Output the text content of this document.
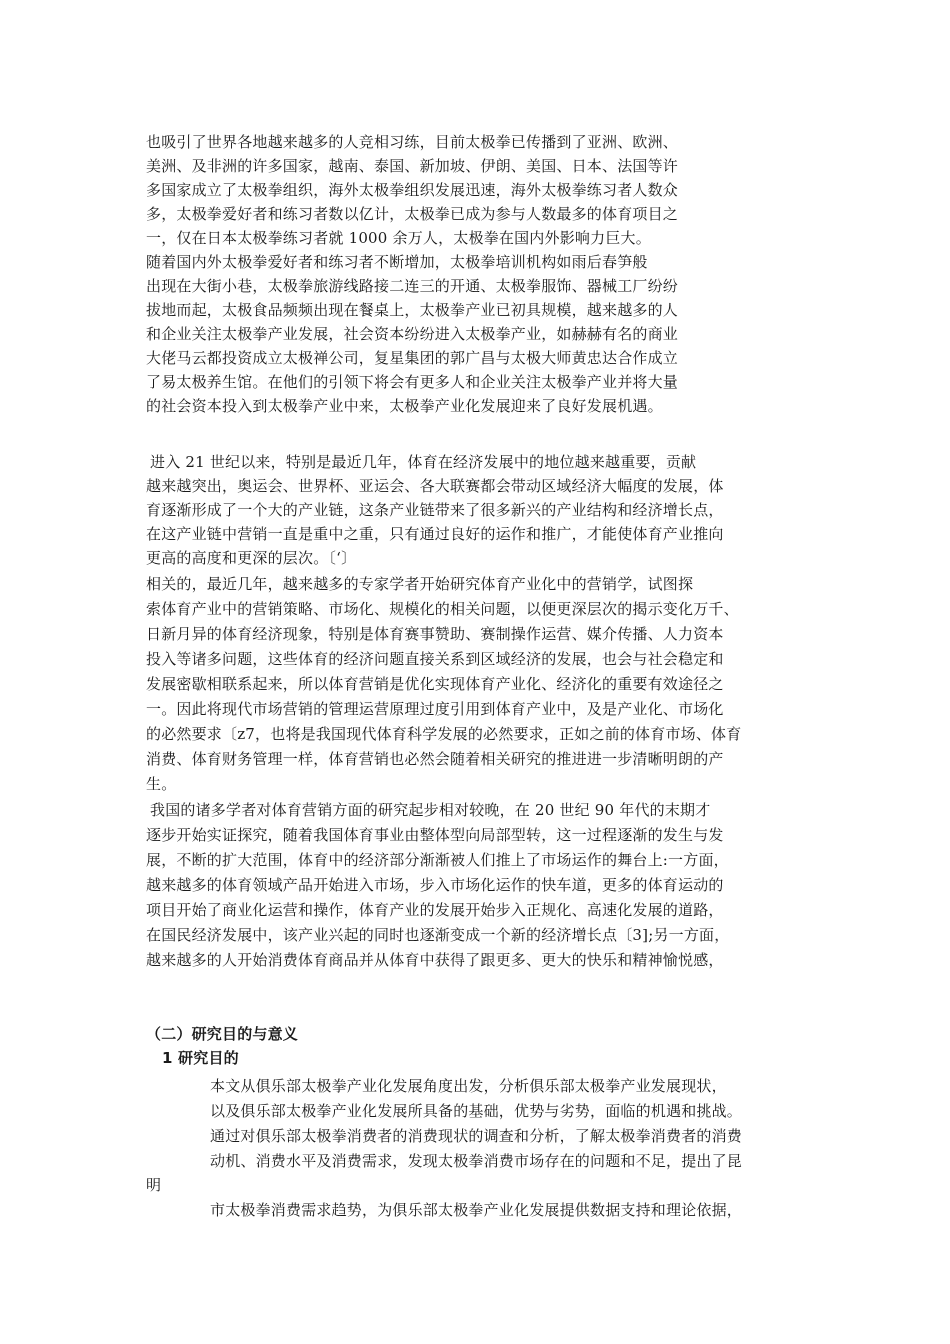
也吸引了世界各地越来越多的人竞相习练，目前太极拳已传播到了亚洲、欧洲、
美洲、及非洲的许多国家，越南、泰国、新加坡、伊朗、美国、日本、法国等许
多国家成立了太极拳组织，海外太极拳组织发展迅速，海外太极拳练习者人数众
多，太极拳爱好者和练习者数以亿计，太极拳已成为参与人数最多的体育项目之
一，仅在日本太极拳练习者就 1000 余万人，太极拳在国内外影响力巨大。
随着国内外太极拳爱好者和练习者不断增加，太极拳培训机构如雨后春笋般
出现在大街小巷，太极拳旅游线路接二连三的开通、太极拳服饰、器械工厂纷纷
拔地而起，太极食品频频出现在餐桌上，太极拳产业已初具规模，越来越多的人
和企业关注太极拳产业发展，社会资本纷纷进入太极拳产业，如赫赫有名的商业
大佬马云都投资成立太极禅公司，复星集团的郭广昌与太极大师黄忠达合作成立
了易太极养生馆。在他们的引领下将会有更多人和企业关注太极拳产业并将大量
的社会资本投入到太极拳产业中来，太极拳产业化发展迎来了良好发展机遇。
进入 21 世纪以来，特别是最近几年，体育在经济发展中的地位越来越重要，贡献
越来越突出，奥运会、世界杯、亚运会、各大联赛都会带动区域经济大幅度的发展，体
育逐渐形成了一个大的产业链，这条产业链带来了很多新兴的产业结构和经济增长点，
在这产业链中营销一直是重中之重，只有通过良好的运作和推广，才能使体育产业推向
更高的高度和更深的层次。〔‘〕
相关的，最近几年，越来越多的专家学者开始研究体育产业化中的营销学，试图探
索体育产业中的营销策略、市场化、规模化的相关问题，以便更深层次的揭示变化万千、
日新月异的体育经济现象，特别是体育赛事赞助、赛制操作运营、媒介传播、人力资本
投入等诸多问题，这些体育的经济问题直接关系到区域经济的发展，也会与社会稳定和
发展密歇相联系起来，所以体育营销是优化实现体育产业化、经济化的重要有效途径之
一。因此将现代市场营销的管理运营原理过度引用到体育产业中，及是产业化、市场化
的必然要求〔z7，也将是我国现代体育科学发展的必然要求，正如之前的体育市场、体育
消费、体育财务管理一样，体育营销也必然会随着相关研究的推进进一步清晰明朗的产
生。
我国的诸多学者对体育营销方面的研究起步相对较晚，在 20 世纪 90 年代的末期才
逐步开始实证探究，随着我国体育事业由整体型向局部型转，这一过程逐渐的发生与发
展，不断的扩大范围，体育中的经济部分渐渐被人们推上了市场运作的舞台上:一方面，
越来越多的体育领域产品开始进入市场，步入市场化运作的快车道，更多的体育运动的
项目开始了商业化运营和操作，体育产业的发展开始步入正规化、高速化发展的道路，
在国民经济发展中，该产业兴起的同时也逐渐变成一个新的经济增长点〔3];另一方面，
越来越多的人开始消费体育商品并从体育中获得了跟更多、更大的快乐和精神愉悦感，
（二）研究目的与意义
1 研究目的
本文从俱乐部太极拳产业化发展角度出发，分析俱乐部太极拳产业发展现状，
以及俱乐部太极拳产业化发展所具备的基础，优势与劣势，面临的机遇和挑战。
通过对俱乐部太极拳消费者的消费现状的调查和分析，了解太极拳消费者的消费
动机、消费水平及消费需求，发现太极拳消费市场存在的问题和不足，提出了昆
明
市太极拳消费需求趋势，为俱乐部太极拳产业化发展提供数据支持和理论依据，
